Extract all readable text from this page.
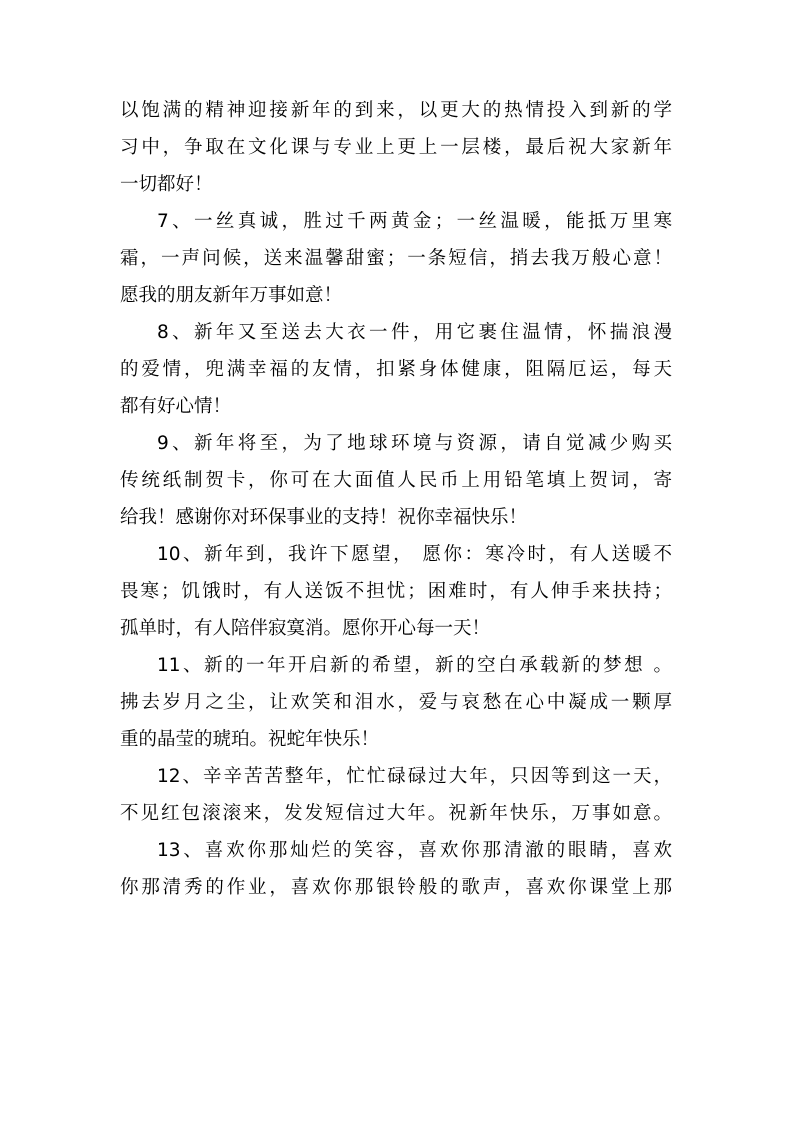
以饱满的精神迎接新年的到来，以更大的热情投入到新的学
习中，争取在文化课与专业上更上一层楼，最后祝大家新年
一切都好！
7、一丝真诚，胜过千两黄金；一丝温暖，能抵万里寒
霜，一声问候，送来温馨甜蜜；一条短信，捎去我万般心意！
愿我的朋友新年万事如意！
8、新年又至送去大衣一件，用它裹住温情，怀揣浪漫
的爱情，兜满幸福的友情，扣紧身体健康，阻隔厄运，每天
都有好心情！
9、新年将至，为了地球环境与资源，请自觉减少购买
传统纸制贺卡，你可在大面值人民币上用铅笔填上贺词，寄
给我！感谢你对环保事业的支持！祝你幸福快乐！
10、新年到，我许下愿望， 愿你：寒冷时，有人送暖不
畏寒；饥饿时，有人送饭不担忧；困难时，有人伸手来扶持；
孤单时，有人陪伴寂寞消。愿你开心每一天！
11、新的一年开启新的希望，新的空白承载新的梦想 。
拂去岁月之尘，让欢笑和泪水，爱与哀愁在心中凝成一颗厚
重的晶莹的琥珀。祝蛇年快乐！
12、辛辛苦苦整年，忙忙碌碌过大年，只因等到这一天，
不见红包滚滚来，发发短信过大年。祝新年快乐，万事如意。
13、喜欢你那灿烂的笑容，喜欢你那清澈的眼睛，喜欢
你那清秀的作业，喜欢你那银铃般的歌声，喜欢你课堂上那
